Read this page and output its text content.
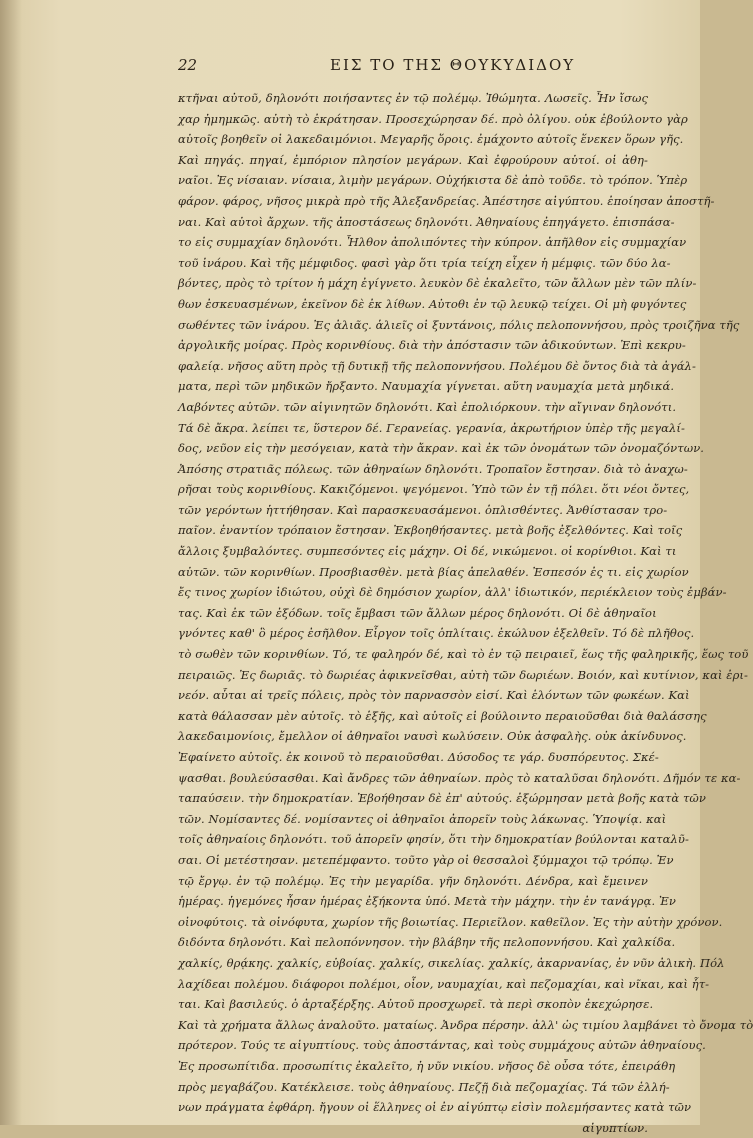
22	ΕΙΣ ΤΟ ΤΗΣ ΘΟΥΚΥΔΙΔΟΥ
κτῆναι αὐτοῦ, δηλονότι ποιήσαντες ἐν τῷ πολέμῳ. Ἰθώμητα. Λωσεῖς. Ἦν ἴσως
χαρ ἠμημκῶς. αὐτὴ τὸ ἐκράτησαν. Προσεχώρησαν δέ. πρὸ ὀλίγου. οὐκ ἐβούλοντο γὰρ
αὐτοῖς βοηθεῖν οἱ λακεδαιμόνιοι. Μεγαρῆς ὅροις. ἐμάχοντο αὐτοῖς ἕνεκεν ὅρων γῆς.
Καὶ πηγάς. πηγαί, ἐμπόριον πλησίον μεγάρων. Καὶ ἐφρούρουν αὐτοί. οἱ ἀθη-
ναῖοι. Ἐς νίσαιαν. νίσαια, λιμὴν μεγάρων. Οὐχήκιστα δὲ ἀπὸ τοῦδε. τὸ τρόπον. Ὑπὲρ
φάρον. φάρος, νῆσος μικρὰ πρὸ τῆς Ἀλεξανδρείας. Ἀπέστησε αἰγύπτου. ἐποίησαν ἀποστῆ-
ναι. Καὶ αὐτοὶ ἄρχων. τῆς ἀποστάσεως δηλονότι. Ἀθηναίους ἐπηγάγετο. ἐπισπάσα-
το εἰς συμμαχίαν δηλονότι. Ἦλθον ἀπολιπόντες τὴν κύπρον. ἀπῆλθον εἰς συμμαχίαν
τοῦ ἰνάρου. Καὶ τῆς μέμφιδος. φασὶ γὰρ ὅτι τρία τείχη εἶχεν ἡ μέμφις. τῶν δύο λα-
βόντες, πρὸς τὸ τρίτον ἡ μάχη ἐγίγνετο. λευκὸν δὲ ἐκαλεῖτο, τῶν ἄλλων μὲν τῶν πλίν-
θων ἐσκευασμένων, ἐκεῖνον δὲ ἐκ λίθων. Αὐτοθι ἐν τῷ λευκῷ τείχει. Οἱ μὴ φυγόντες
σωθέντες τῶν ἰνάρου. Ἐς ἀλιᾶς. ἁλιεῖς οἱ ξυντάνοις, πόλις πελοποννήσου, πρὸς τροιζῆνα τῆς
ἀργολικῆς μοίρας. Πρὸς κορινθίους. διὰ τὴν ἀπόστασιν τῶν ἀδικούντων. Ἐπὶ κεκρυ-
φαλείᾳ. νῆσος αὕτη πρὸς τῇ δυτικῇ τῆς πελοποννήσου. Πολέμου δὲ ὄντος διὰ τὰ ἀγάλ-
ματα, περὶ τῶν μηδικῶν ἤρξαντο. Ναυμαχία γίγνεται. αὕτη ναυμαχία μετὰ μηδικά.
Λαβόντες αὐτῶν. τῶν αἰγινητῶν δηλονότι. Καὶ ἐπολιόρκουν. τὴν αἴγιναν δηλονότι.
Τά δὲ ἄκρα. λείπει τε, ὕστερον δέ. Γερανείας. γερανία, ἀκρωτήριον ὑπὲρ τῆς μεγαλί-
δος, νεῦον εἰς τὴν μεσόγειαν, κατὰ τὴν ἄκραν. καὶ ἐκ τῶν ὀνομάτων τῶν ὀνομαζόντων.
Ἀπόσης στρατιᾶς πόλεως. τῶν ἀθηναίων δηλονότι. Τροπαῖον ἔστησαν. διὰ τὸ ἀναχω-
ρῆσαι τοὺς κορινθίους. Κακιζόμενοι. ψεγόμενοι. Ὑπὸ τῶν ἐν τῇ πόλει. ὅτι νέοι ὄντες,
τῶν γερόντων ἡττήθησαν. Καὶ παρασκευασάμενοι. ὁπλισθέντες. Ἀνθίστασαν τρο-
παῖον. ἐναντίον τρόπαιον ἔστησαν. Ἐκβοηθήσαντες. μετὰ βοῆς ἐξελθόντες. Καὶ τοῖς
ἄλλοις ξυμβαλόντες. συμπεσόντες εἰς μάχην. Οἱ δέ, νικώμενοι. οἱ κορίνθιοι. Καὶ τι
αὐτῶν. τῶν κορινθίων. Προσβιασθὲν. μετὰ βίας ἀπελαθέν. Ἐσπεσόν ἐς τι. εἰς χωρίον
ἔς τινος χωρίον ἰδιώτου, οὐχὶ δὲ δημόσιον χωρίον, ἀλλ' ἰδιωτικόν, περιέκλειον τοὺς ἐμβάν-
τας. Καὶ ἐκ τῶν ἐξόδων. τοῖς ἔμβασι τῶν ἄλλων μέρος δηλονότι. Οἱ δὲ ἀθηναῖοι
γνόντες καθ' ὃ μέρος ἐσῆλθον. Εἶργον τοῖς ὁπλίταις. ἐκώλυον ἐξελθεῖν. Τό δὲ πλῆθος.
τὸ σωθὲν τῶν κορινθίων. Τό, τε φαληρόν δέ, καὶ τὸ ἐν τῷ πειραιεῖ, ἕως τῆς φαληρικῆς, ἕως τοῦ
πειραιῶς. Ἐς δωριᾶς. τὸ δωριέας ἀφικνεῖσθαι, αὐτὴ τῶν δωριέων. Βοιόν, καὶ κυτίνιον, καὶ ἐρι-
νεόν. αὗται αἱ τρεῖς πόλεις, πρὸς τὸν παρνασσὸν εἰσί. Καὶ ἑλόντων τῶν φωκέων. Καὶ
κατὰ θάλασσαν μὲν αὐτοῖς. τὸ ἑξῆς, καὶ αὐτοῖς εἰ βούλοιντο περαιοῦσθαι διὰ θαλάσσης
λακεδαιμονίοις, ἔμελλον οἱ ἀθηναῖοι ναυσὶ κωλύσειν. Οὐκ ἀσφαλὴς. οὐκ ἀκίνδυνος.
Ἐφαίνετο αὐτοῖς. ἐκ κοινοῦ τὸ περαιοῦσθαι. Δύσοδος τε γάρ. δυσπόρευτος. Σκέ-
ψασθαι. βουλεύσασθαι. Καὶ ἄνδρες τῶν ἀθηναίων. πρὸς τὸ καταλῦσαι δηλονότι. Δῆμόν τε κα-
ταπαύσειν. τὴν δημοκρατίαν. Ἐβοήθησαν δὲ ἐπ' αὐτούς. ἐξώρμησαν μετὰ βοῆς κατὰ τῶν
τῶν. Νομίσαντες δέ. νομίσαντες οἱ ἀθηναῖοι ἀπορεῖν τοὺς λάκωνας. Ὑποψίᾳ. καὶ
τοῖς ἀθηναίοις δηλονότι. τοῦ ἀπορεῖν φησίν, ὅτι τὴν δημοκρατίαν βούλονται καταλῦ-
σαι. Οἱ μετέστησαν. μετεπέμφαντο. τοῦτο γὰρ οἱ θεσσαλοὶ ξύμμαχοι τῷ τρόπῳ. Ἐν
τῷ ἔργῳ. ἐν τῷ πολέμῳ. Ἐς τὴν μεγαρίδα. γῆν δηλονότι. Δένδρα, καὶ ἔμεινεν
ἡμέρας. ἡγεμόνες ἦσαν ἡμέρας ἐξήκοντα ὑπό. Μετὰ τὴν μάχην. τὴν ἐν τανάγρᾳ. Ἐν
οἰνοφύτοις. τὰ οἰνόφυτα, χωρίον τῆς βοιωτίας. Περιεῖλον. καθεῖλον. Ἐς τὴν αὐτὴν χρόνον.
διδόντα δηλονότι. Καὶ πελοπόννησον. τὴν βλάβην τῆς πελοποννήσου. Καὶ χαλκίδα.
χαλκίς, θρᾴκης. χαλκίς, εὐβοίας. χαλκίς, σικελίας. χαλκίς, ἀκαρνανίας, ἐν νῦν ἀλικὴ. Πόλ
λαχίδεαι πολέμου. διάφοροι πολέμοι, οἷον, ναυμαχίαι, καὶ πεζομαχίαι, καὶ νῖκαι, καὶ ἧτ-
ται. Καὶ βασιλεύς. ὁ ἀρταξέρξης. Αὐτοῦ προσχωρεῖ. τὰ περὶ σκοπὸν ἐκεχώρησε.
Καὶ τὰ χρήματα ἄλλως ἀναλοῦτο. ματαίως. Ἀνδρα πέρσην. ἀλλ' ὡς τιμίου λαμβάνει τὸ ὄνομα τὸ
πρότερον. Τούς τε αἰγυπτίους. τοὺς ἀποστάντας, καὶ τοὺς συμμάχους αὐτῶν ἀθηναίους.
Ἐς προσωπίτιδα. προσωπίτις ἐκαλεῖτο, ἡ νῦν νικίου. νῆσος δὲ οὖσα τότε, ἐπειράθη
πρὸς μεγαβάζου. Κατέκλεισε. τοὺς ἀθηναίους. Πεζῇ διὰ πεζομαχίας. Τά τῶν ἑλλή-
νων πράγματα ἐφθάρη. ἤγουν οἱ ἕλληνες οἱ ἐν αἰγύπτῳ εἰσὶν πολεμήσαντες κατὰ τῶν
αἰγυπτίων.
